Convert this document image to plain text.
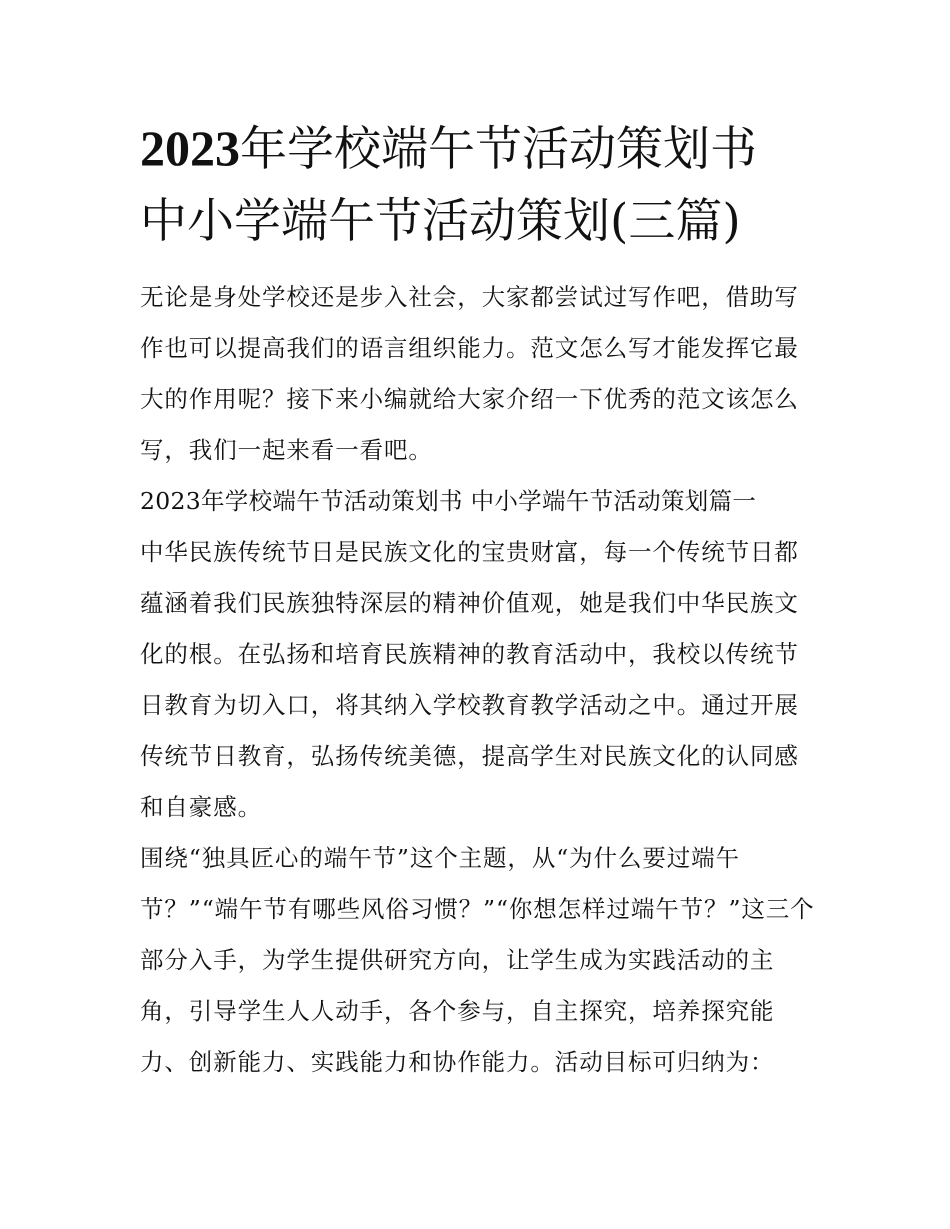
2023年学校端午节活动策划书
中小学端午节活动策划(三篇)

无论是身处学校还是步入社会，大家都尝试过写作吧，借助写作也可以提高我们的语言组织能力。范文怎么写才能发挥它最大的作用呢？接下来小编就给大家介绍一下优秀的范文该怎么写，我们一起来看一看吧。

2023年学校端午节活动策划书 中小学端午节活动策划篇一

中华民族传统节日是民族文化的宝贵财富，每一个传统节日都蕴涵着我们民族独特深层的精神价值观，她是我们中华民族文化的根。在弘扬和培育民族精神的教育活动中，我校以传统节日教育为切入口，将其纳入学校教育教学活动之中。通过开展传统节日教育，弘扬传统美德，提高学生对民族文化的认同感和自豪感。

围绕“独具匠心的端午节”这个主题，从“为什么要过端午节？”“端午节有哪些风俗习惯？”“你想怎样过端午节？”这三个部分入手，为学生提供研究方向，让学生成为实践活动的主角，引导学生人人动手，各个参与，自主探究，培养探究能力、创新能力、实践能力和协作能力。活动目标可归纳为：
